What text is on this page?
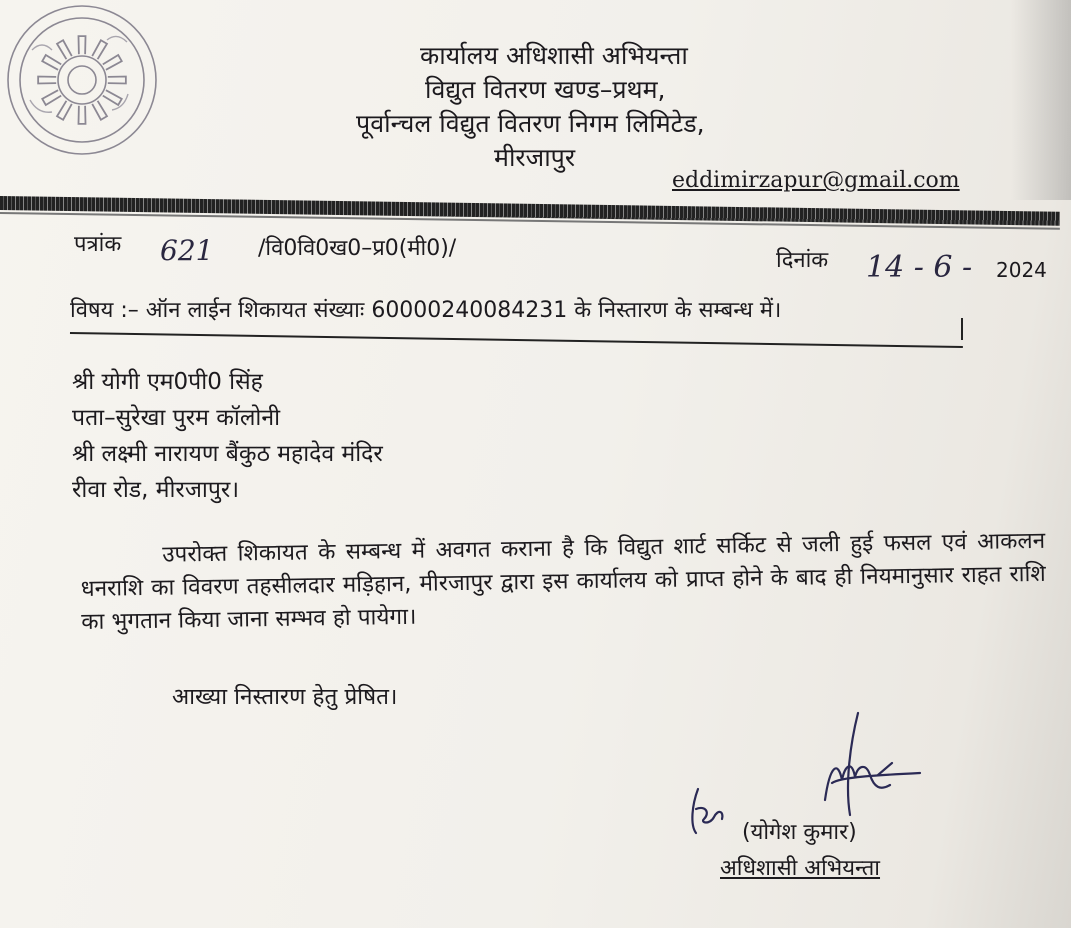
कार्यालय अधिशासी अभियन्ता
विद्युत वितरण खण्ड–प्रथम,
पूर्वान्चल विद्युत वितरण निगम लिमिटेड,
मीरजापुर
eddimirzapur@gmail.com
पत्रांक 621 /वि0वि0ख0–प्र0(मी0)/	दिनांक 14 - 6 - 2024
विषय :– ऑन लाईन शिकायत संख्याः 60000240084231 के निस्तारण के सम्बन्ध में।
श्री योगी एम0पी0 सिंह
पता–सुरेखा पुरम कॉलोनी
श्री लक्ष्मी नारायण बैंकुठ महादेव मंदिर
रीवा रोड, मीरजापुर।
उपरोक्त शिकायत के सम्बन्ध में अवगत कराना है कि विद्युत शार्ट सर्किट से जली हुई फसल एवं आकलन धनराशि का विवरण तहसीलदार मड़िहान, मीरजापुर द्वारा इस कार्यालय को प्राप्त होने के बाद ही नियमानुसार राहत राशि का भुगतान किया जाना सम्भव हो पायेगा।
आख्या निस्तारण हेतु प्रेषित।
(योगेश कुमार)
अधिशासी अभियन्ता
